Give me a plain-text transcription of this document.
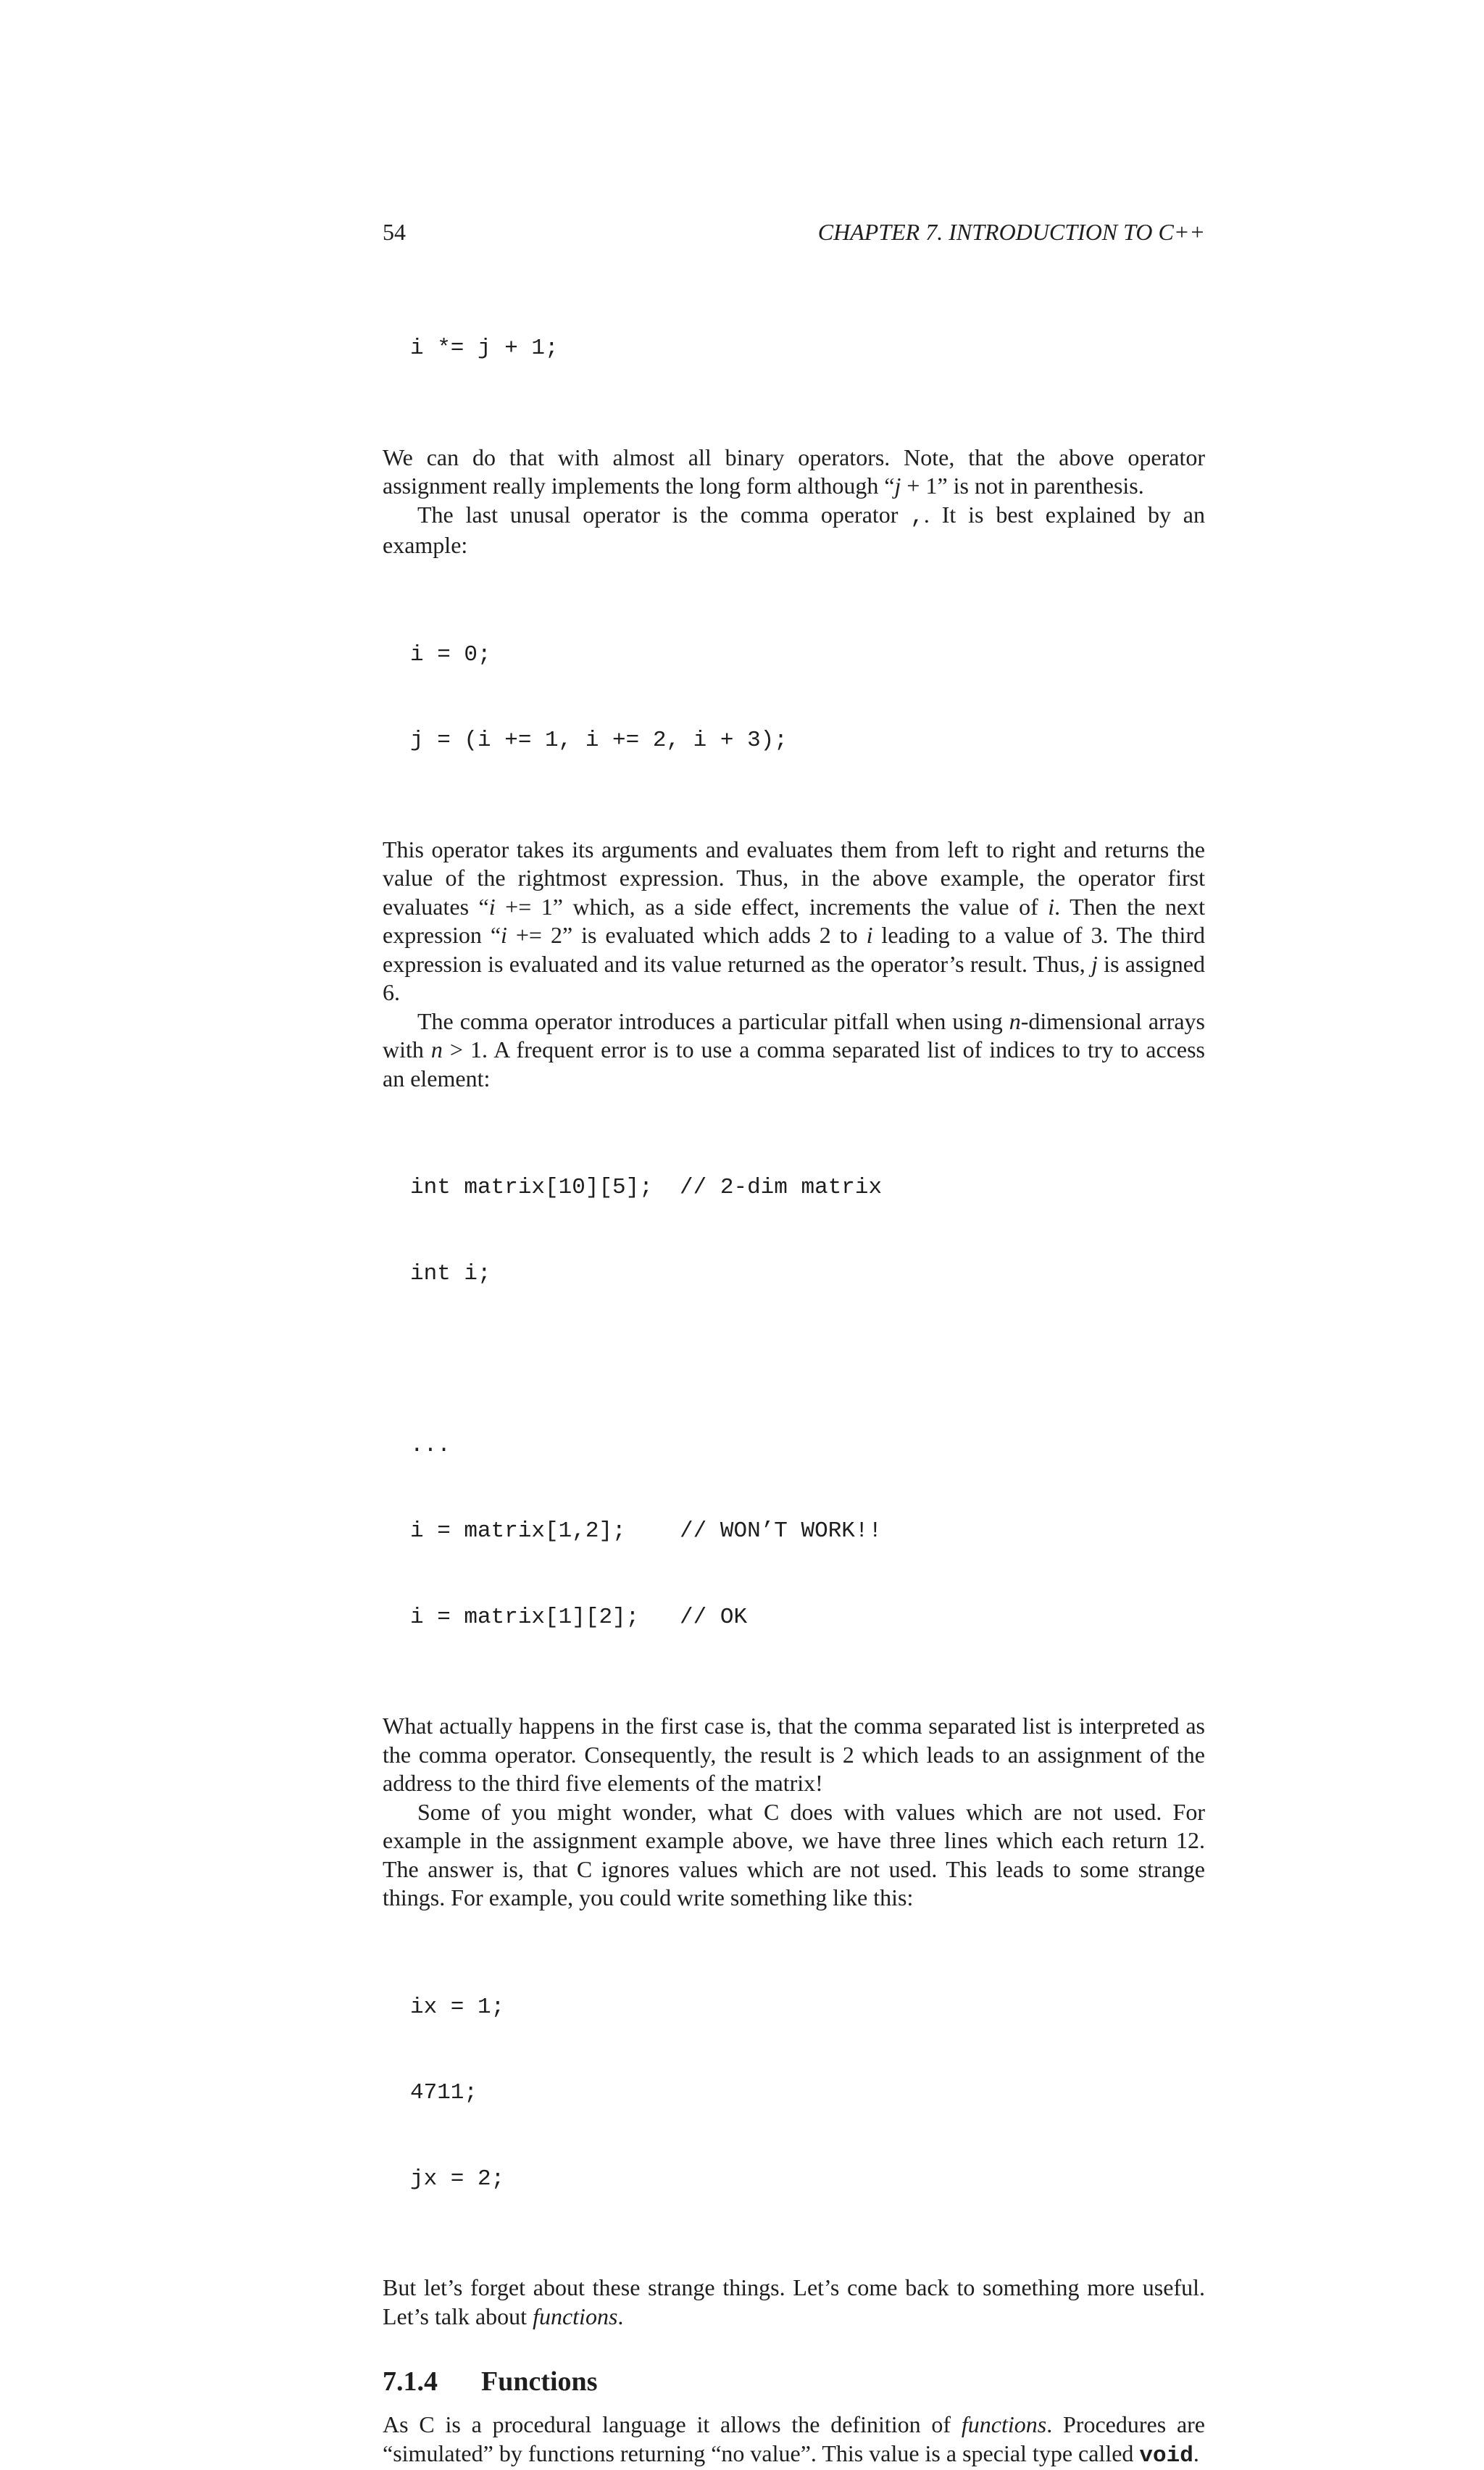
54	CHAPTER 7. INTRODUCTION TO C++

i *= j + 1;

We can do that with almost all binary operators. Note, that the above operator assignment really implements the long form although “j + 1” is not in parenthesis.

The last unusal operator is the comma operator ,. It is best explained by an example:

i = 0;

j = (i += 1, i += 2, i + 3);

This operator takes its arguments and evaluates them from left to right and returns the value of the rightmost expression. Thus, in the above example, the operator first evaluates “i += 1” which, as a side effect, increments the value of i. Then the next expression “i += 2” is evaluated which adds 2 to i leading to a value of 3. The third expression is evaluated and its value returned as the operator’s result. Thus, j is assigned 6.

The comma operator introduces a particular pitfall when using n-dimensional arrays with n > 1. A frequent error is to use a comma separated list of indices to try to access an element:

int matrix[10][5];  // 2-dim matrix

int i;

...

i = matrix[1,2];    // WON’T WORK!!

i = matrix[1][2];   // OK

What actually happens in the first case is, that the comma separated list is interpreted as the comma operator. Consequently, the result is 2 which leads to an assignment of the address to the third five elements of the matrix!

Some of you might wonder, what C does with values which are not used. For example in the assignment example above, we have three lines which each return 12. The answer is, that C ignores values which are not used. This leads to some strange things. For example, you could write something like this:

ix = 1;

4711;

jx = 2;

But let’s forget about these strange things. Let’s come back to something more useful. Let’s talk about functions.

7.1.4 Functions

As C is a procedural language it allows the definition of functions. Procedures are “simulated” by functions returning “no value”. This value is a special type called void.
